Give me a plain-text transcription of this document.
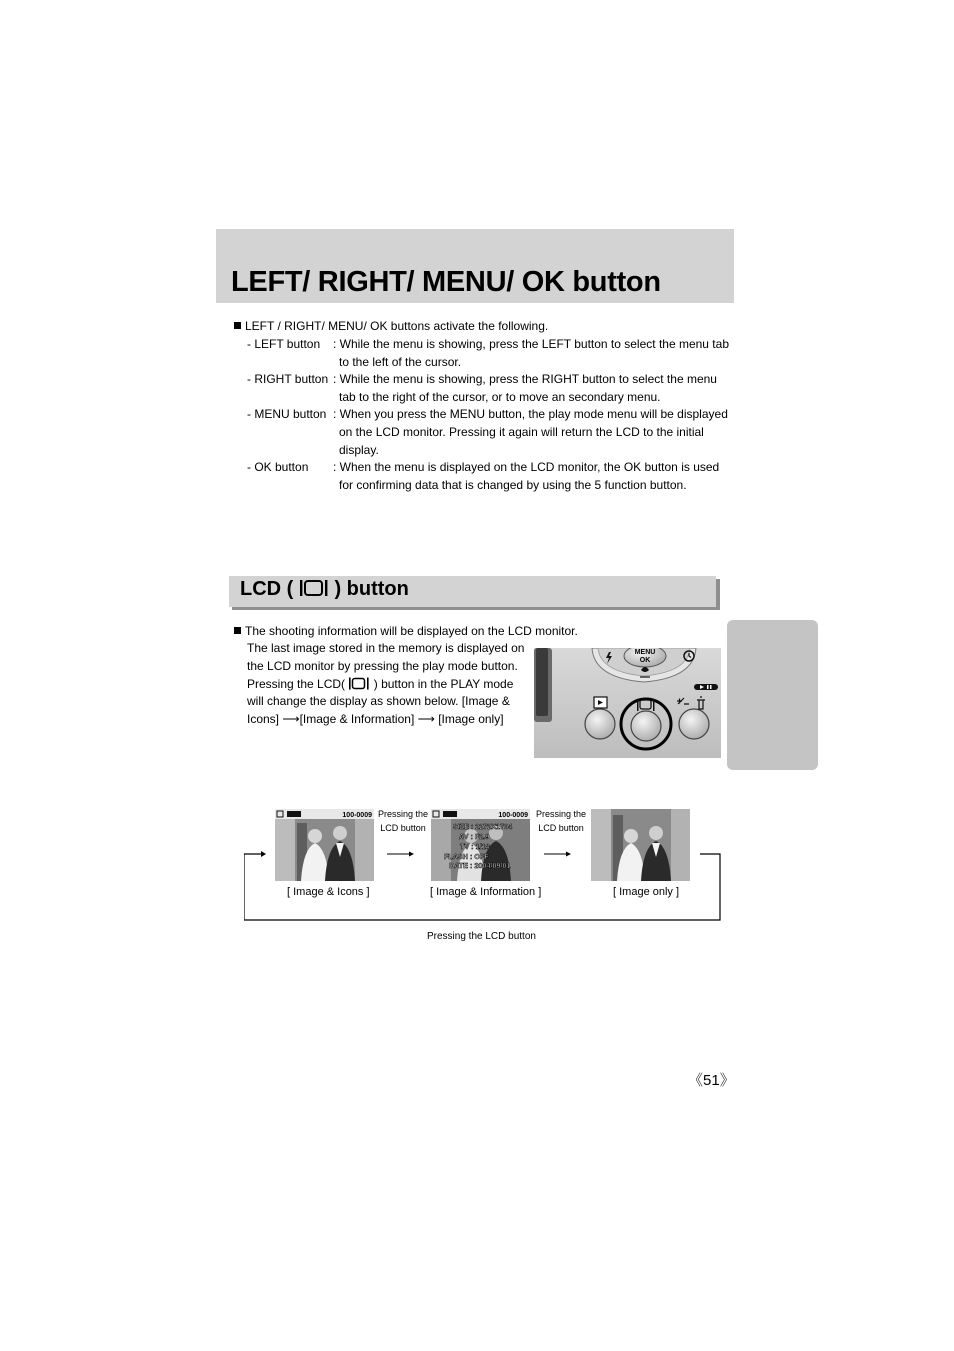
LEFT/ RIGHT/ MENU/ OK button
LEFT / RIGHT/ MENU/ OK buttons activate the following.
- LEFT button : While the menu is showing, press the LEFT button to select the menu tab
to the left of the cursor.
- RIGHT button : While the menu is showing, press the RIGHT button to select the menu
tab to the right of the cursor, or to move an secondary menu.
- MENU button : When you press the MENU button, the play mode menu will be displayed
on the LCD monitor. Pressing it again will return the LCD to the initial
display.
- OK button : When the menu is displayed on the LCD monitor, the OK button is used
for confirming data that is changed by using the 5 function button.
LCD ( ) button
The shooting information will be displayed on the LCD monitor.
The last image stored in the memory is displayed on
the LCD monitor by pressing the play mode button.
Pressing the LCD( ) button in the PLAY mode
will change the display as shown below. [Image &
Icons] ⟶[Image & Information] ⟶ [Image only]
MENU
OK
100-0009	100-0009
SIZE : 2272X1704
AV : F2.9
TV : 1/18
FLASH : OFF
DATE : 2004/09/01
Pressing the
LCD button
Pressing the
LCD button
[ Image & Icons ]	[ Image & Information ]	[ Image only ]
Pressing the LCD button
《51》
